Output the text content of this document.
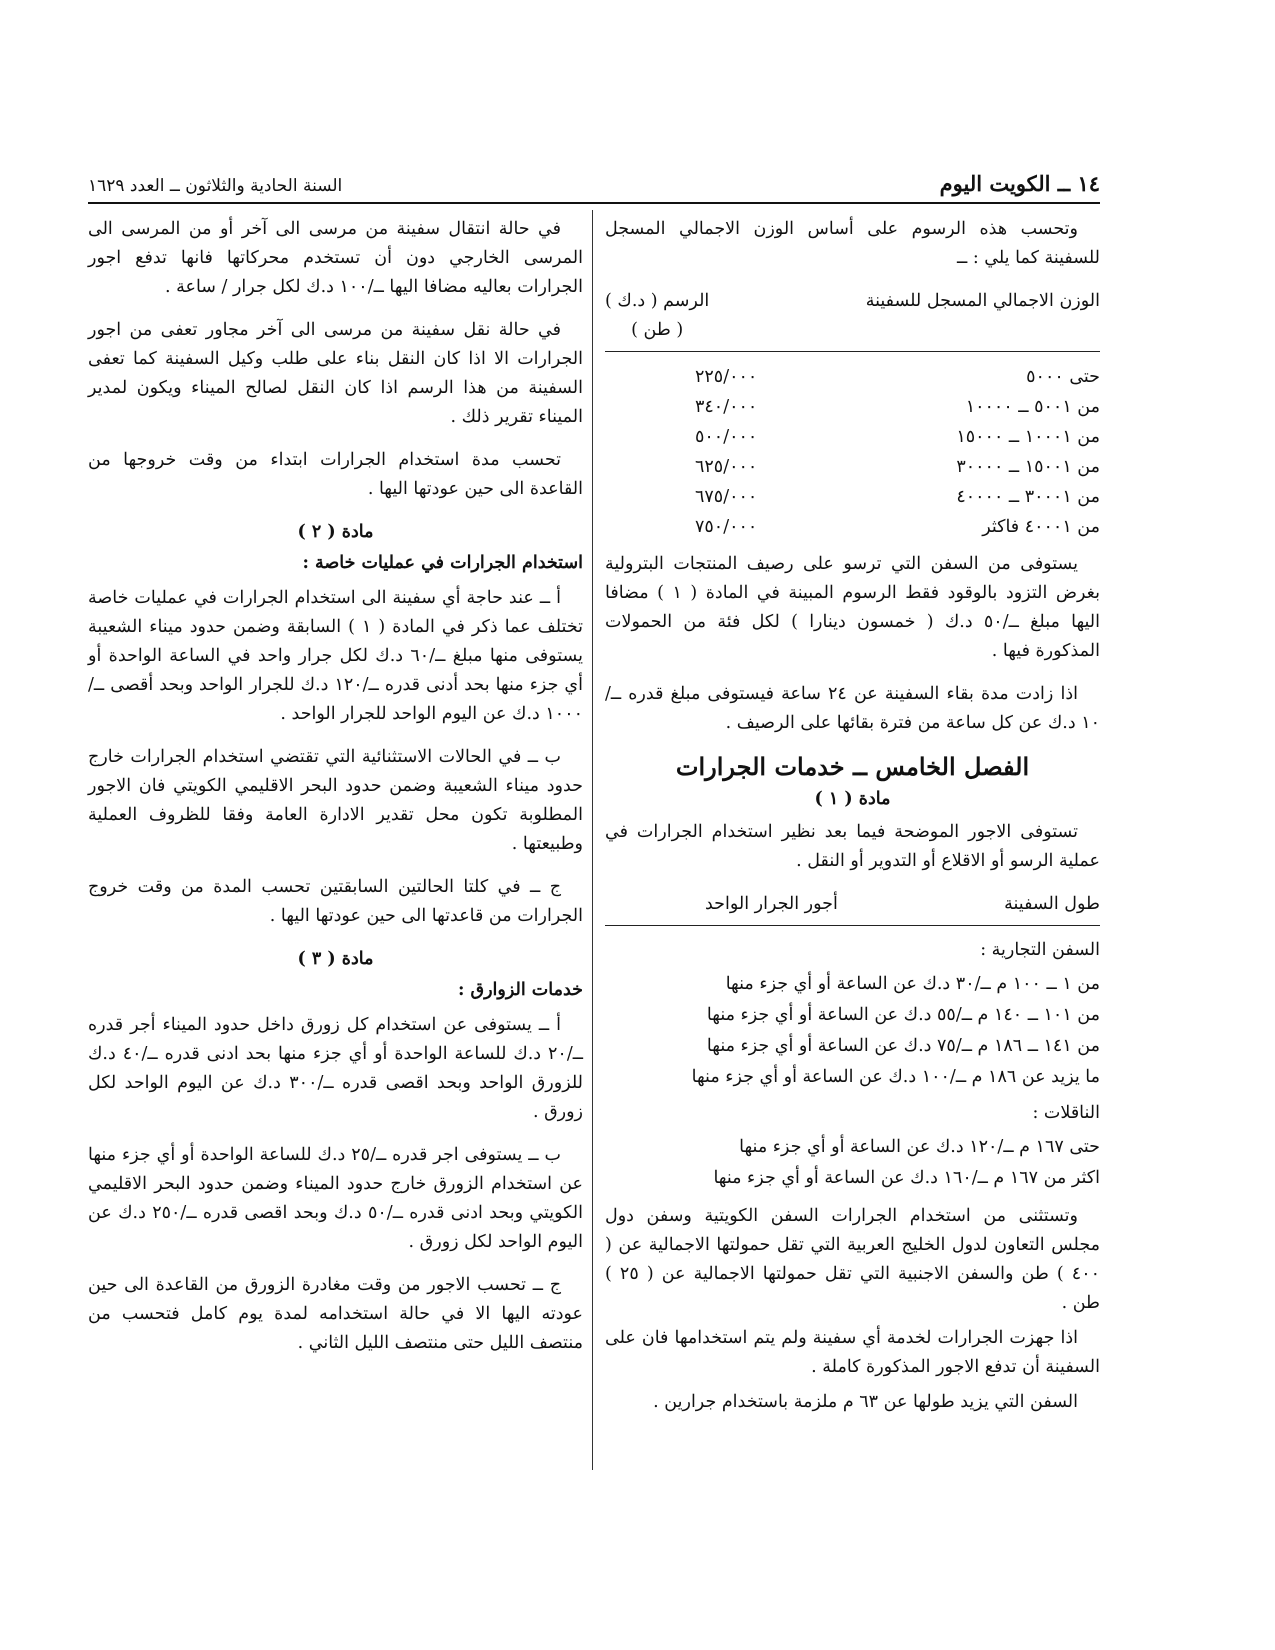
١٤ ــ الكويت اليوم
السنة الحادية والثلاثون ــ العدد ١٦٢٩

وتحسب هذه الرسوم على أساس الوزن الاجمالي المسجل للسفينة كما يلي : ــ

الوزن الاجمالي المسجل للسفينة
الرسم ( د.ك )
( طن )
حتى ٥٠٠٠
٢٢٥/٠٠٠
من ٥٠٠١ ــ ١٠٠٠٠
٣٤٠/٠٠٠
من ١٠٠٠١ ــ ١٥٠٠٠
٥٠٠/٠٠٠
من ١٥٠٠١ ــ ٣٠٠٠٠
٦٢٥/٠٠٠
من ٣٠٠٠١ ــ ٤٠٠٠٠
٦٧٥/٠٠٠
من ٤٠٠٠١ فاكثر
٧٥٠/٠٠٠

يستوفى من السفن التي ترسو على رصيف المنتجات البترولية بغرض التزود بالوقود فقط الرسوم المبينة في المادة ( ١ ) مضافا اليها مبلغ ــ/٥٠ د.ك ( خمسون دينارا ) لكل فئة من الحمولات المذكورة فيها .

اذا زادت مدة بقاء السفينة عن ٢٤ ساعة فيستوفى مبلغ قدره ــ/١٠ د.ك عن كل ساعة من فترة بقائها على الرصيف .

الفصل الخامس ــ خدمات الجرارات

مادة ( ١ )

تستوفى الاجور الموضحة فيما بعد نظير استخدام الجرارات في عملية الرسو أو الاقلاع أو التدوير أو النقل .

طول السفينة
أجور الجرار الواحد

السفن التجارية :

من ١ ــ ١٠٠ م ــ/٣٠ د.ك عن الساعة أو أي جزء منها
من ١٠١ ــ ١٤٠ م ــ/٥٥ د.ك عن الساعة أو أي جزء منها
من ١٤١ ــ ١٨٦ م ــ/٧٥ د.ك عن الساعة أو أي جزء منها
ما يزيد عن ١٨٦ م ــ/١٠٠ د.ك عن الساعة أو أي جزء منها

الناقلات :

حتى ١٦٧ م ــ/١٢٠ د.ك عن الساعة أو أي جزء منها
اكثر من ١٦٧ م ــ/١٦٠ د.ك عن الساعة أو أي جزء منها

وتستثنى من استخدام الجرارات السفن الكويتية وسفن دول مجلس التعاون لدول الخليج العربية التي تقل حمولتها الاجمالية عن ( ٤٠٠ ) طن والسفن الاجنبية التي تقل حمولتها الاجمالية عن ( ٢٥ ) طن .

اذا جهزت الجرارات لخدمة أي سفينة ولم يتم استخدامها فان على السفينة أن تدفع الاجور المذكورة كاملة .

السفن التي يزيد طولها عن ٦٣ م ملزمة باستخدام جرارين .

في حالة انتقال سفينة من مرسى الى آخر أو من المرسى الى المرسى الخارجي دون أن تستخدم محركاتها فانها تدفع اجور الجرارات بعاليه مضافا اليها ــ/١٠٠ د.ك لكل جرار / ساعة .

في حالة نقل سفينة من مرسى الى آخر مجاور تعفى من اجور الجرارات الا اذا كان النقل بناء على طلب وكيل السفينة كما تعفى السفينة من هذا الرسم اذا كان النقل لصالح الميناء ويكون لمدير الميناء تقرير ذلك .

تحسب مدة استخدام الجرارات ابتداء من وقت خروجها من القاعدة الى حين عودتها اليها .

مادة ( ٢ )

استخدام الجرارات في عمليات خاصة :

أ ــ عند حاجة أي سفينة الى استخدام الجرارات في عمليات خاصة تختلف عما ذكر في المادة ( ١ ) السابقة وضمن حدود ميناء الشعيبة يستوفى منها مبلغ ــ/٦٠ د.ك لكل جرار واحد في الساعة الواحدة أو أي جزء منها بحد أدنى قدره ــ/١٢٠ د.ك للجرار الواحد وبحد أقصى ــ/١٠٠٠ د.ك عن اليوم الواحد للجرار الواحد .

ب ــ في الحالات الاستثنائية التي تقتضي استخدام الجرارات خارج حدود ميناء الشعيبة وضمن حدود البحر الاقليمي الكويتي فان الاجور المطلوبة تكون محل تقدير الادارة العامة وفقا للظروف العملية وطبيعتها .

ج ــ في كلتا الحالتين السابقتين تحسب المدة من وقت خروج الجرارات من قاعدتها الى حين عودتها اليها .

مادة ( ٣ )

خدمات الزوارق :

أ ــ يستوفى عن استخدام كل زورق داخل حدود الميناء أجر قدره ــ/٢٠ د.ك للساعة الواحدة أو أي جزء منها بحد ادنى قدره ــ/٤٠ د.ك للزورق الواحد وبحد اقصى قدره ــ/٣٠٠ د.ك عن اليوم الواحد لكل زورق .

ب ــ يستوفى اجر قدره ــ/٢٥ د.ك للساعة الواحدة أو أي جزء منها عن استخدام الزورق خارج حدود الميناء وضمن حدود البحر الاقليمي الكويتي وبحد ادنى قدره ــ/٥٠ د.ك وبحد اقصى قدره ــ/٢٥٠ د.ك عن اليوم الواحد لكل زورق .

ج ــ تحسب الاجور من وقت مغادرة الزورق من القاعدة الى حين عودته اليها الا في حالة استخدامه لمدة يوم كامل فتحسب من منتصف الليل حتى منتصف الليل الثاني .
